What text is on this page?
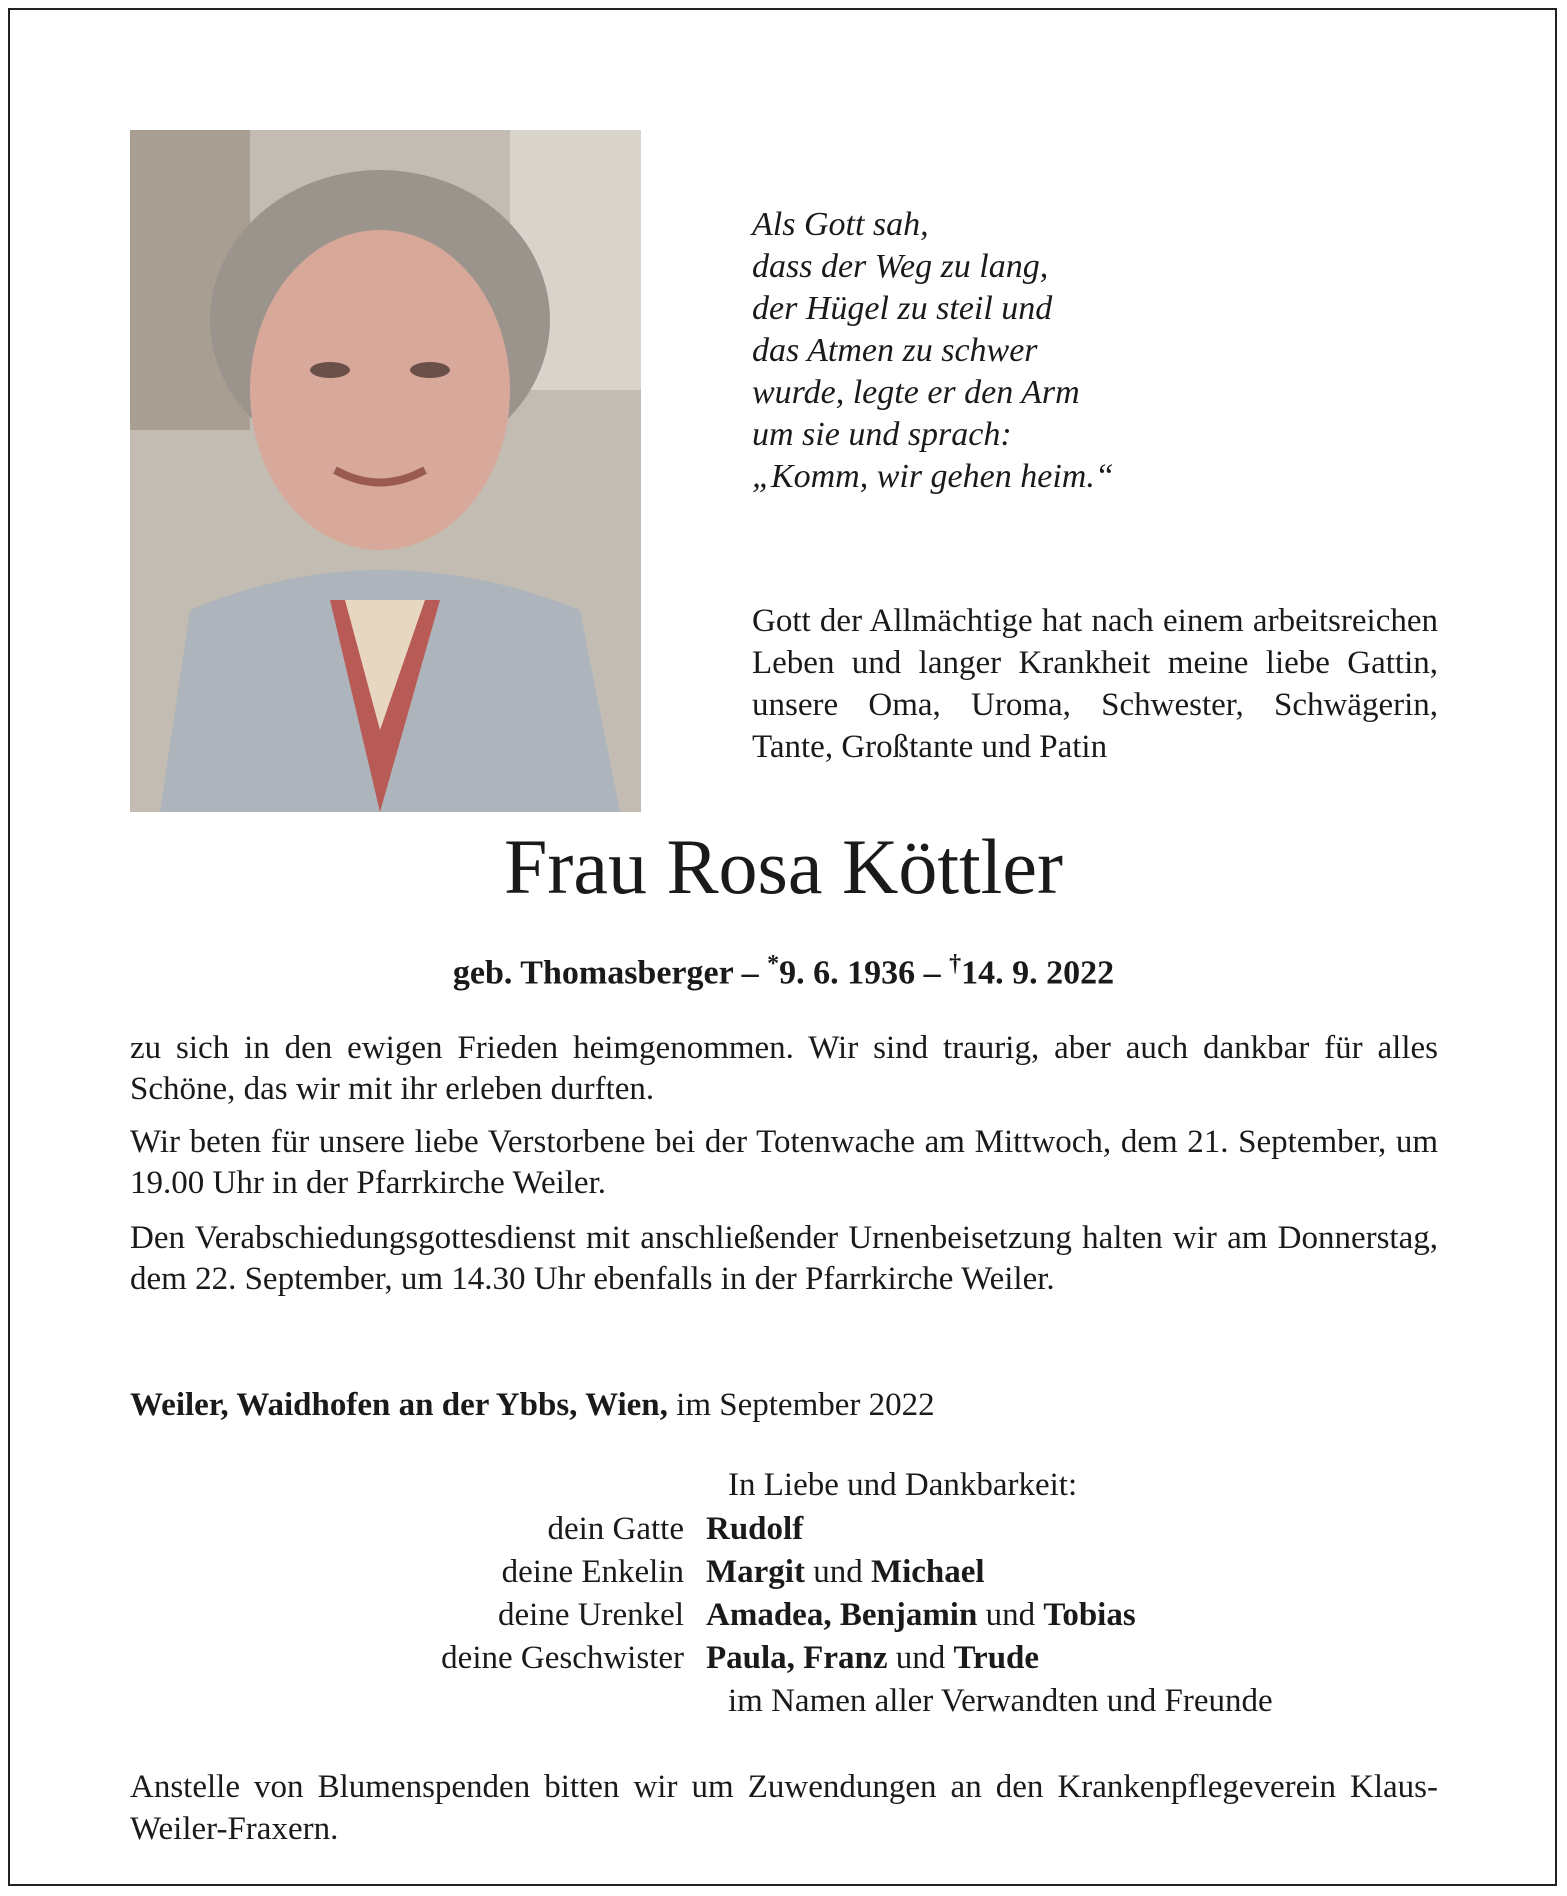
Als Gott sah,
dass der Weg zu lang,
der Hügel zu steil und
das Atmen zu schwer
wurde, legte er den Arm
um sie und sprach:
„Komm, wir gehen heim.“
Gott der Allmächtige hat nach einem arbeitsreichen Leben und langer Krankheit meine liebe Gattin, unsere Oma, Uroma, Schwester, Schwägerin, Tante, Großtante und Patin
Frau Rosa Köttler
geb. Thomasberger – *9. 6. 1936 – †14. 9. 2022
zu sich in den ewigen Frieden heimgenommen. Wir sind traurig, aber auch dankbar für alles Schöne, das wir mit ihr erleben durften.
Wir beten für unsere liebe Verstorbene bei der Totenwache am Mittwoch, dem 21. September, um 19.00 Uhr in der Pfarrkirche Weiler.
Den Verabschiedungsgottesdienst mit anschließender Urnenbeisetzung halten wir am Donnerstag, dem 22. September, um 14.30 Uhr ebenfalls in der Pfarrkirche Weiler.
Weiler, Waidhofen an der Ybbs, Wien, im September 2022
In Liebe und Dankbarkeit:
dein Gatte Rudolf
deine Enkelin Margit und Michael
deine Urenkel Amadea, Benjamin und Tobias
deine Geschwister Paula, Franz und Trude
im Namen aller Verwandten und Freunde
Anstelle von Blumenspenden bitten wir um Zuwendungen an den Krankenpflegeverein Klaus-Weiler-Fraxern.
